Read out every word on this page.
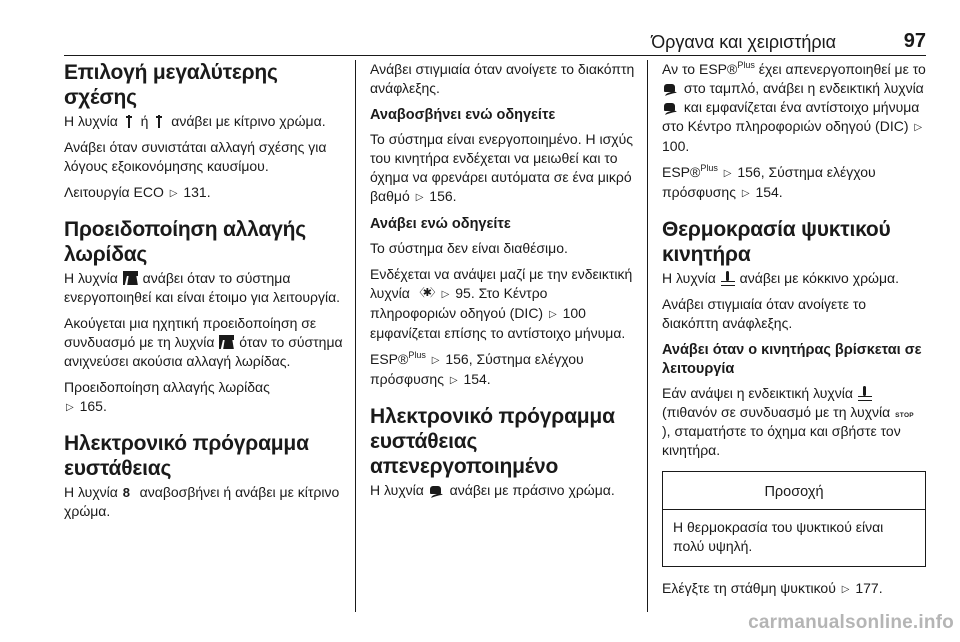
Όργανα και χειριστήρια	97
Επιλογή μεγαλύτερης σχέσης

Η λυχνία ή ανάβει με κίτρινο χρώμα.

Ανάβει όταν συνιστάται αλλαγή σχέσης για λόγους εξοικονόμησης καυσίμου.

Λειτουργία ECO ▷ 131.

Προειδοποίηση αλλαγής λωρίδας

Η λυχνία ανάβει όταν το σύστημα ενεργοποιηθεί και είναι έτοιμο για λειτουργία.

Ακούγεται μια ηχητική προειδοποίηση σε συνδυασμό με τη λυχνία όταν το σύστημα ανιχνεύσει ακούσια αλλαγή λωρίδας.

Προειδοποίηση αλλαγής λωρίδας
▷ 165.

Ηλεκτρονικό πρόγραμμα ευστάθειας

Η λυχνία 8 αναβοσβήνει ή ανάβει με κίτρινο χρώμα.

Ανάβει στιγμιαία όταν ανοίγετε το διακόπτη ανάφλεξης.

Αναβοσβήνει ενώ οδηγείτε

Το σύστημα είναι ενεργοποιημένο. Η ισχύς του κινητήρα ενδέχεται να μειωθεί και το όχημα να φρενάρει αυτόματα σε ένα μικρό βαθμό ▷ 156.

Ανάβει ενώ οδηγείτε

Το σύστημα δεν είναι διαθέσιμο.

Ενδέχεται να ανάψει μαζί με την ενδεικτική λυχνία 〈✱〉	▷ 95. Στο Κέντρο πληροφοριών οδηγού (DIC) ▷ 100 εμφανίζεται επίσης το αντίστοιχο μήνυμα.

ESP®$^{Plus}$ ▷ 156, Σύστημα ελέγχου πρόσφυσης ▷ 154.

Ηλεκτρονικό πρόγραμμα ευστάθειας απενεργοποιημένο

Η λυχνία ανάβει με πράσινο χρώμα.

Αν το ESP®$^{Plus}$ έχει απενεργοποιηθεί με το  στο ταμπλό, ανάβει η ενδεικτική λυχνία  και εμφανίζεται ένα αντίστοιχο μήνυμα στο Κέντρο πληροφοριών οδηγού (DIC) ▷ 100.

ESP®$^{Plus}$ ▷ 156, Σύστημα ελέγχου πρόσφυσης ▷ 154.

Θερμοκρασία ψυκτικού κινητήρα

Η λυχνία ανάβει με κόκκινο χρώμα.

Ανάβει στιγμιαία όταν ανοίγετε το διακόπτη ανάφλεξης.

Ανάβει όταν ο κινητήρας βρίσκεται σε λειτουργία

Εάν ανάψει η ενδεικτική λυχνία  (πιθανόν σε συνδυασμό με τη λυχνία STOP), σταματήστε το όχημα και σβήστε τον κινητήρα.

Προσοχή
Η θερμοκρασία του ψυκτικού είναι πολύ υψηλή.

Ελέγξτε τη στάθμη ψυκτικού ▷ 177.

carmanualsonline.info
